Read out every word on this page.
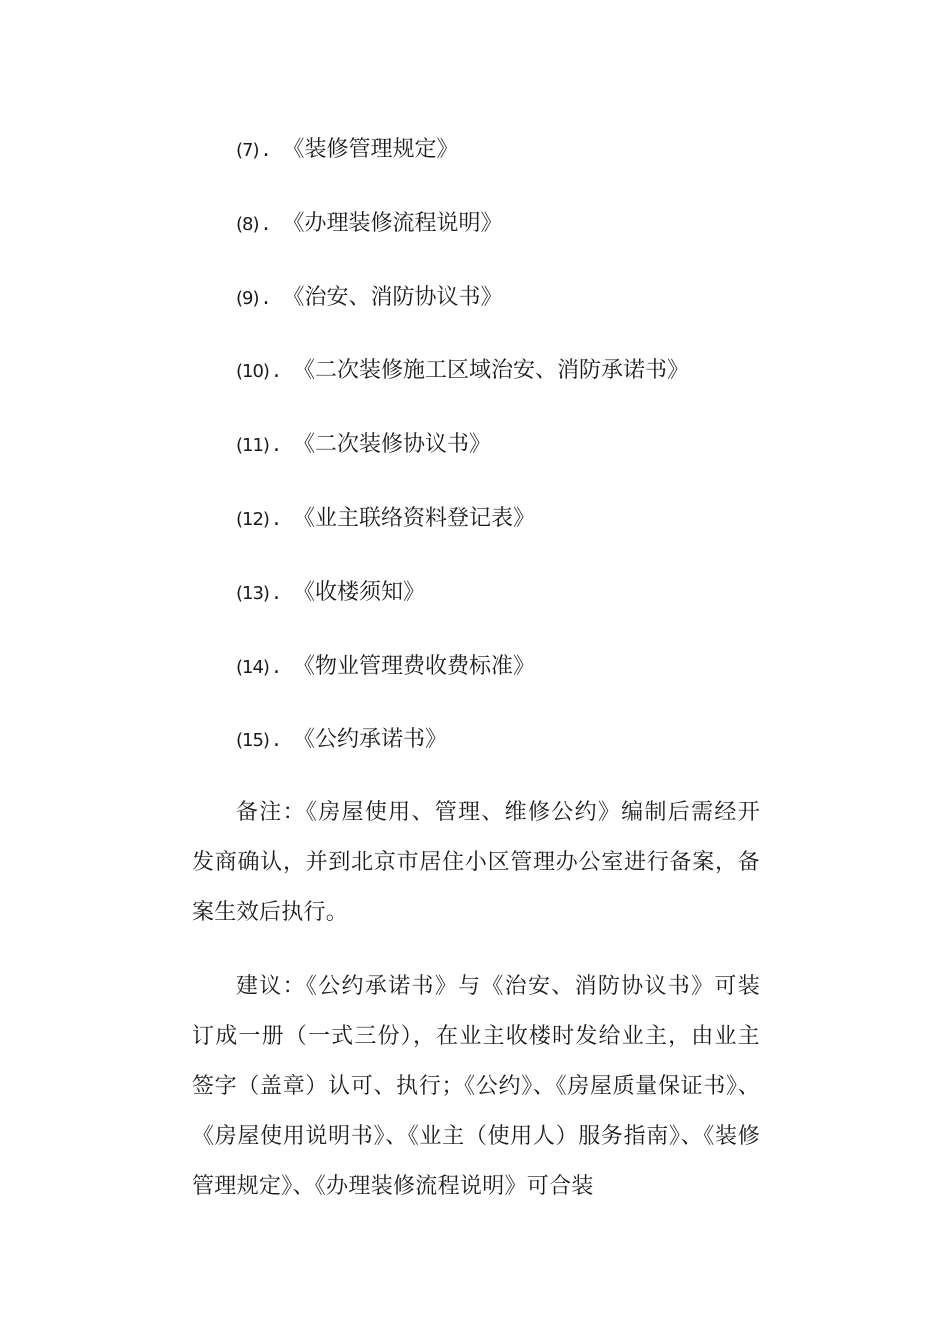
(7) . 《装修管理规定》
(8) . 《办理装修流程说明》
(9) . 《治安、消防协议书》
(10) . 《二次装修施工区域治安、消防承诺书》
(11) . 《二次装修协议书》
(12) . 《业主联络资料登记表》
(13) . 《收楼须知》
(14) . 《物业管理费收费标准》
(15) . 《公约承诺书》

备注：《房屋使用、管理、维修公约》编制后需经开发商确认，并到北京市居住小区管理办公室进行备案，备案生效后执行。

建议：《公约承诺书》与《治安、消防协议书》可装订成一册（一式三份），在业主收楼时发给业主，由业主签字（盖章）认可、执行；《公约》、《房屋质量保证书》、《房屋使用说明书》、《业主（使用人）服务指南》、《装修管理规定》、《办理装修流程说明》可合装
